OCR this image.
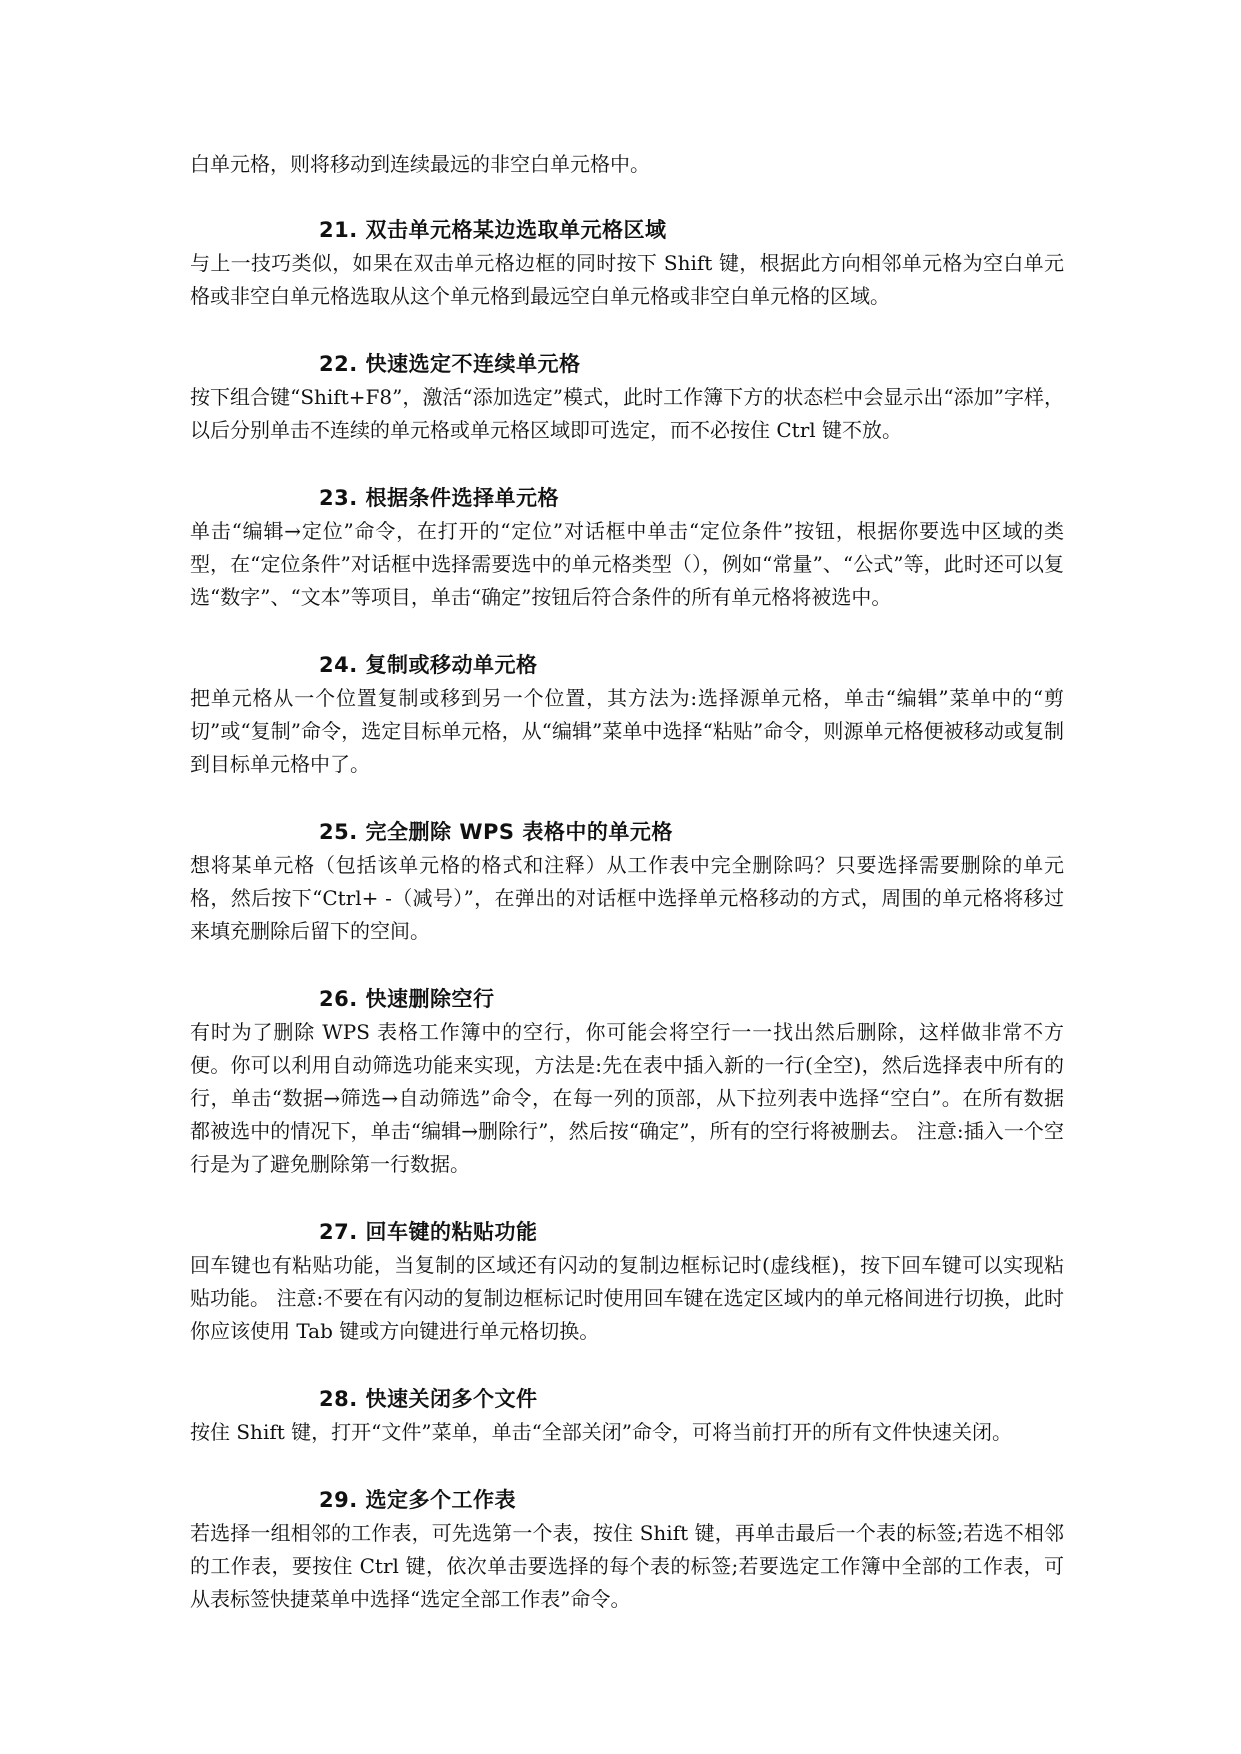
白单元格，则将移动到连续最远的非空白单元格中。

21. 双击单元格某边选取单元格区域

与上一技巧类似，如果在双击单元格边框的同时按下 Shift 键，根据此方向相邻单元格为空白单元格或非空白单元格选取从这个单元格到最远空白单元格或非空白单元格的区域。

22. 快速选定不连续单元格

按下组合键“Shift+F8”，激活“添加选定”模式，此时工作簿下方的状态栏中会显示出“添加”字样，以后分别单击不连续的单元格或单元格区域即可选定，而不必按住 Ctrl 键不放。

23. 根据条件选择单元格

单击“编辑→定位”命令，在打开的“定位”对话框中单击“定位条件”按钮，根据你要选中区域的类型，在“定位条件”对话框中选择需要选中的单元格类型（），例如“常量”、“公式”等，此时还可以复选“数字”、“文本”等项目，单击“确定”按钮后符合条件的所有单元格将被选中。

24. 复制或移动单元格

把单元格从一个位置复制或移到另一个位置，其方法为:选择源单元格，单击“编辑”菜单中的“剪切”或“复制”命令，选定目标单元格，从“编辑”菜单中选择“粘贴”命令，则源单元格便被移动或复制到目标单元格中了。

25. 完全删除 WPS 表格中的单元格

想将某单元格（包括该单元格的格式和注释）从工作表中完全删除吗？只要选择需要删除的单元格，然后按下“Ctrl+ -（减号）”，在弹出的对话框中选择单元格移动的方式，周围的单元格将移过来填充删除后留下的空间。

26. 快速删除空行

有时为了删除 WPS 表格工作簿中的空行，你可能会将空行一一找出然后删除，这样做非常不方便。你可以利用自动筛选功能来实现，方法是:先在表中插入新的一行(全空)，然后选择表中所有的行，单击“数据→筛选→自动筛选”命令，在每一列的顶部，从下拉列表中选择“空白”。在所有数据都被选中的情况下，单击“编辑→删除行”，然后按“确定”，所有的空行将被删去。 注意:插入一个空行是为了避免删除第一行数据。

27. 回车键的粘贴功能

回车键也有粘贴功能，当复制的区域还有闪动的复制边框标记时(虚线框)，按下回车键可以实现粘贴功能。 注意:不要在有闪动的复制边框标记时使用回车键在选定区域内的单元格间进行切换，此时你应该使用 Tab 键或方向键进行单元格切换。

28. 快速关闭多个文件

按住 Shift 键，打开“文件”菜单，单击“全部关闭”命令，可将当前打开的所有文件快速关闭。

29. 选定多个工作表

若选择一组相邻的工作表，可先选第一个表，按住 Shift 键，再单击最后一个表的标签;若选不相邻的工作表，要按住 Ctrl 键，依次单击要选择的每个表的标签;若要选定工作簿中全部的工作表，可从表标签快捷菜单中选择“选定全部工作表”命令。
